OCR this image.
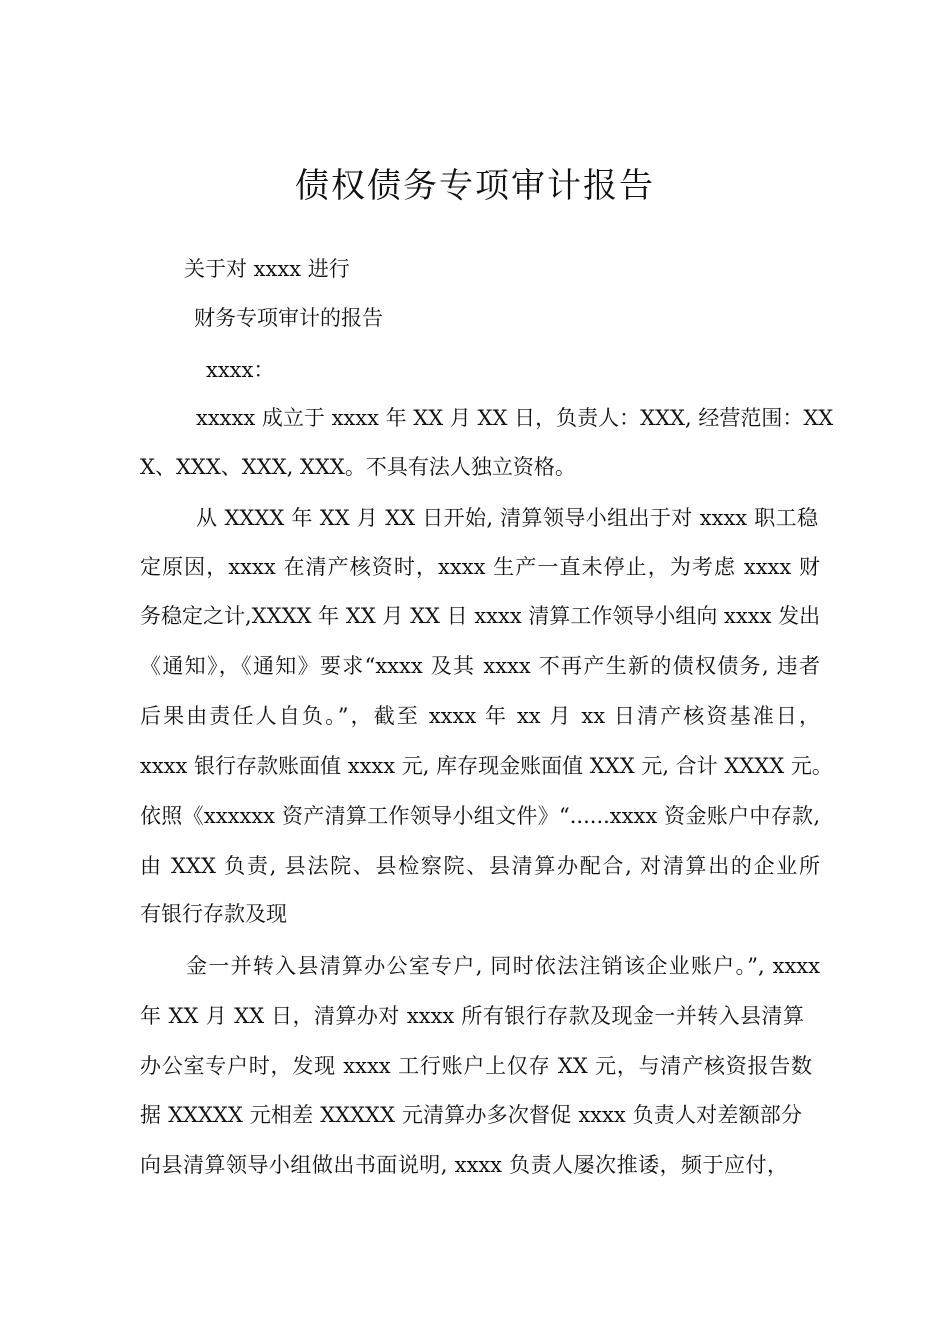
债权债务专项审计报告
关于对 xxxx 进行
财务专项审计的报告
xxxx：
xxxxx 成立于 xxxx 年 XX 月 XX 日，负责人：XXX, 经营范围：XX
X、XXX、XXX, XXX。不具有法人独立资格。
从 XXXX 年 XX 月 XX 日开始, 清算领导小组出于对 xxxx 职工稳
定原因，xxxx 在清产核资时，xxxx 生产一直未停止，为考虑 xxxx 财
务稳定之计,XXXX 年 XX 月 XX 日 xxxx 清算工作领导小组向 xxxx 发出
《通知》，《通知》要求“xxxx 及其 xxxx 不再产生新的债权债务, 违者
后果由责任人自负。”，截至 xxxx 年 xx 月 xx 日清产核资基准日，
xxxx 银行存款账面值 xxxx 元, 库存现金账面值 XXX 元, 合计 XXXX 元。
依照《xxxxxx 资产清算工作领导小组文件》“......xxxx 资金账户中存款,
由 XXX 负责, 县法院、县检察院、县清算办配合, 对清算出的企业所
有银行存款及现
金一并转入县清算办公室专户, 同时依法注销该企业账户。”, xxxx
年 XX 月 XX 日，清算办对 xxxx 所有银行存款及现金一并转入县清算
办公室专户时，发现 xxxx 工行账户上仅存 XX 元，与清产核资报告数
据 XXXXX 元相差 XXXXX 元清算办多次督促 xxxx 负责人对差额部分
向县清算领导小组做出书面说明, xxxx 负责人屡次推诿，频于应付，
